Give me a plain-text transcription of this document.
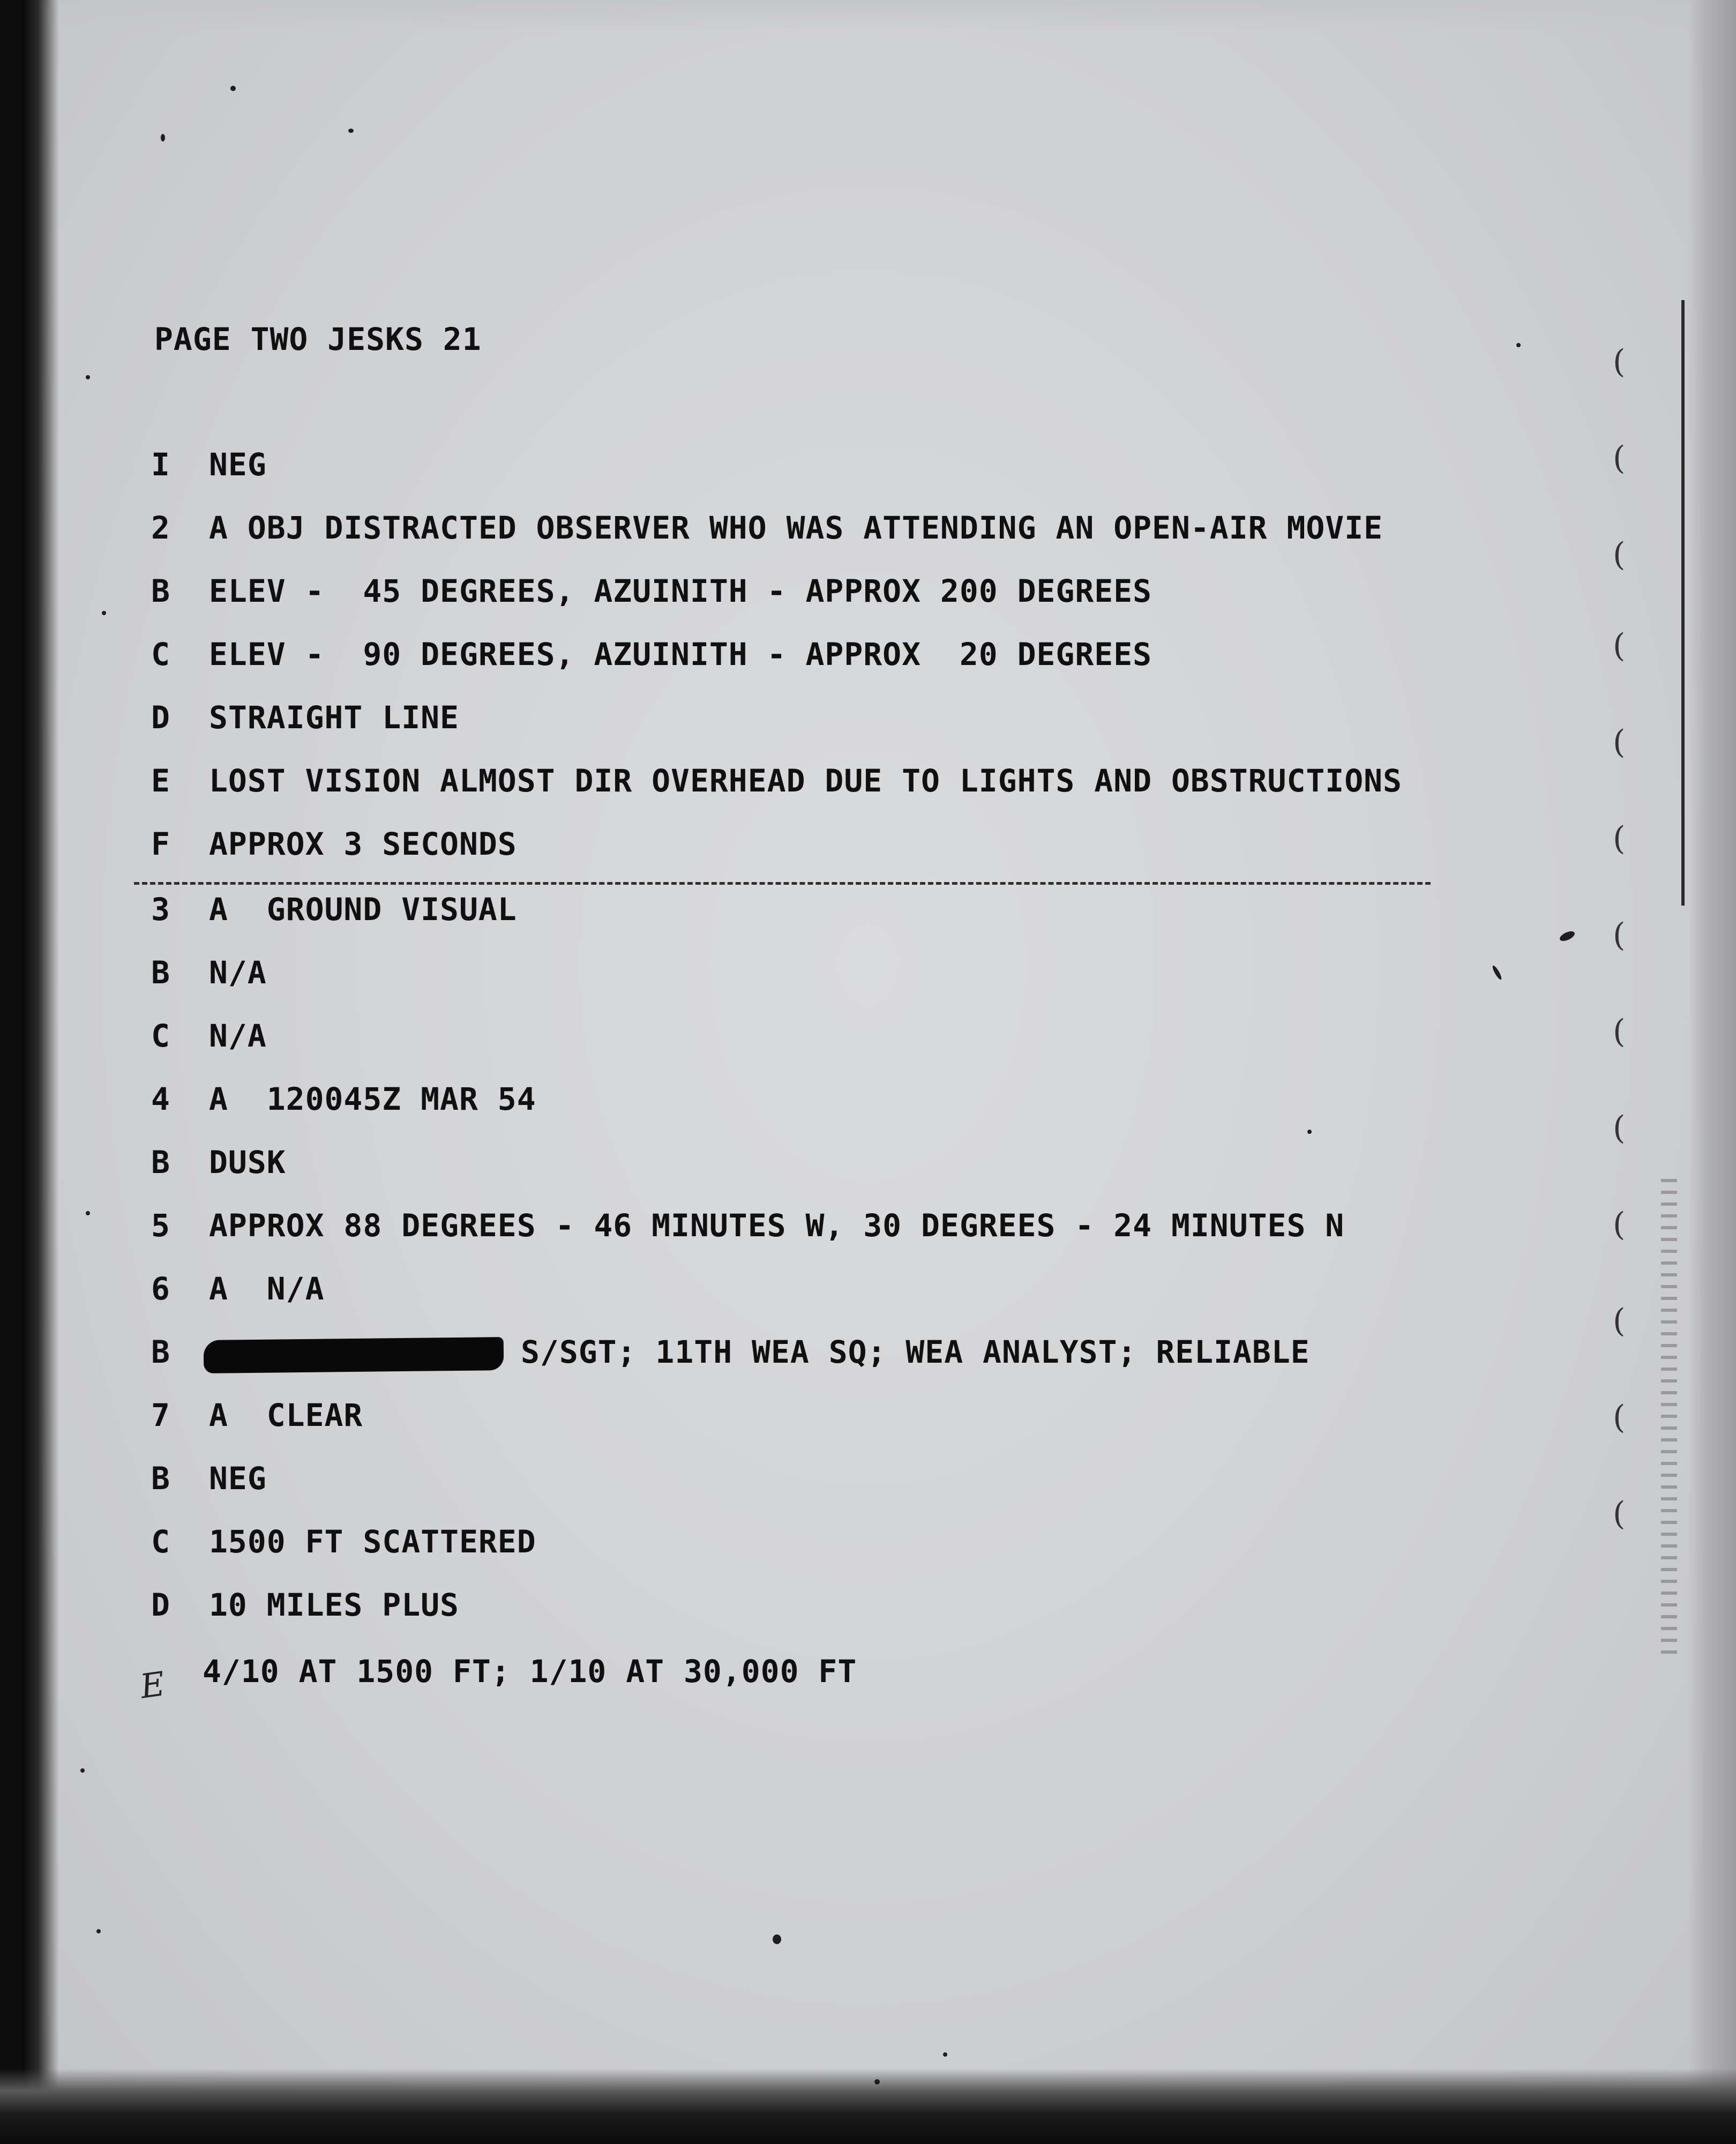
PAGE TWO JESKS 21
I	NEG
2	A OBJ DISTRACTED OBSERVER WHO WAS ATTENDING AN OPEN-AIR MOVIE
B	ELEV -  45 DEGREES, AZUINITH - APPROX 200 DEGREES
C	ELEV -  90 DEGREES, AZUINITH - APPROX  20 DEGREES
D	STRAIGHT LINE
E	LOST VISION ALMOST DIR OVERHEAD DUE TO LIGHTS AND OBSTRUCTIONS
F	APPROX 3 SECONDS
3	A  GROUND VISUAL
B	N/A
C	N/A
4	A  120045Z MAR 54
B	DUSK
5	APPROX 88 DEGREES - 46 MINUTES W, 30 DEGREES - 24 MINUTES N
6	A  N/A
B	S/SGT; 11TH WEA SQ; WEA ANALYST; RELIABLE
7	A  CLEAR
B	NEG
C	1500 FT SCATTERED
D	10 MILES PLUS
E 4/10 AT 1500 FT; 1/10 AT 30,000 FT
(
(
(
(
(
(
(
(
(
(
(
(
(
